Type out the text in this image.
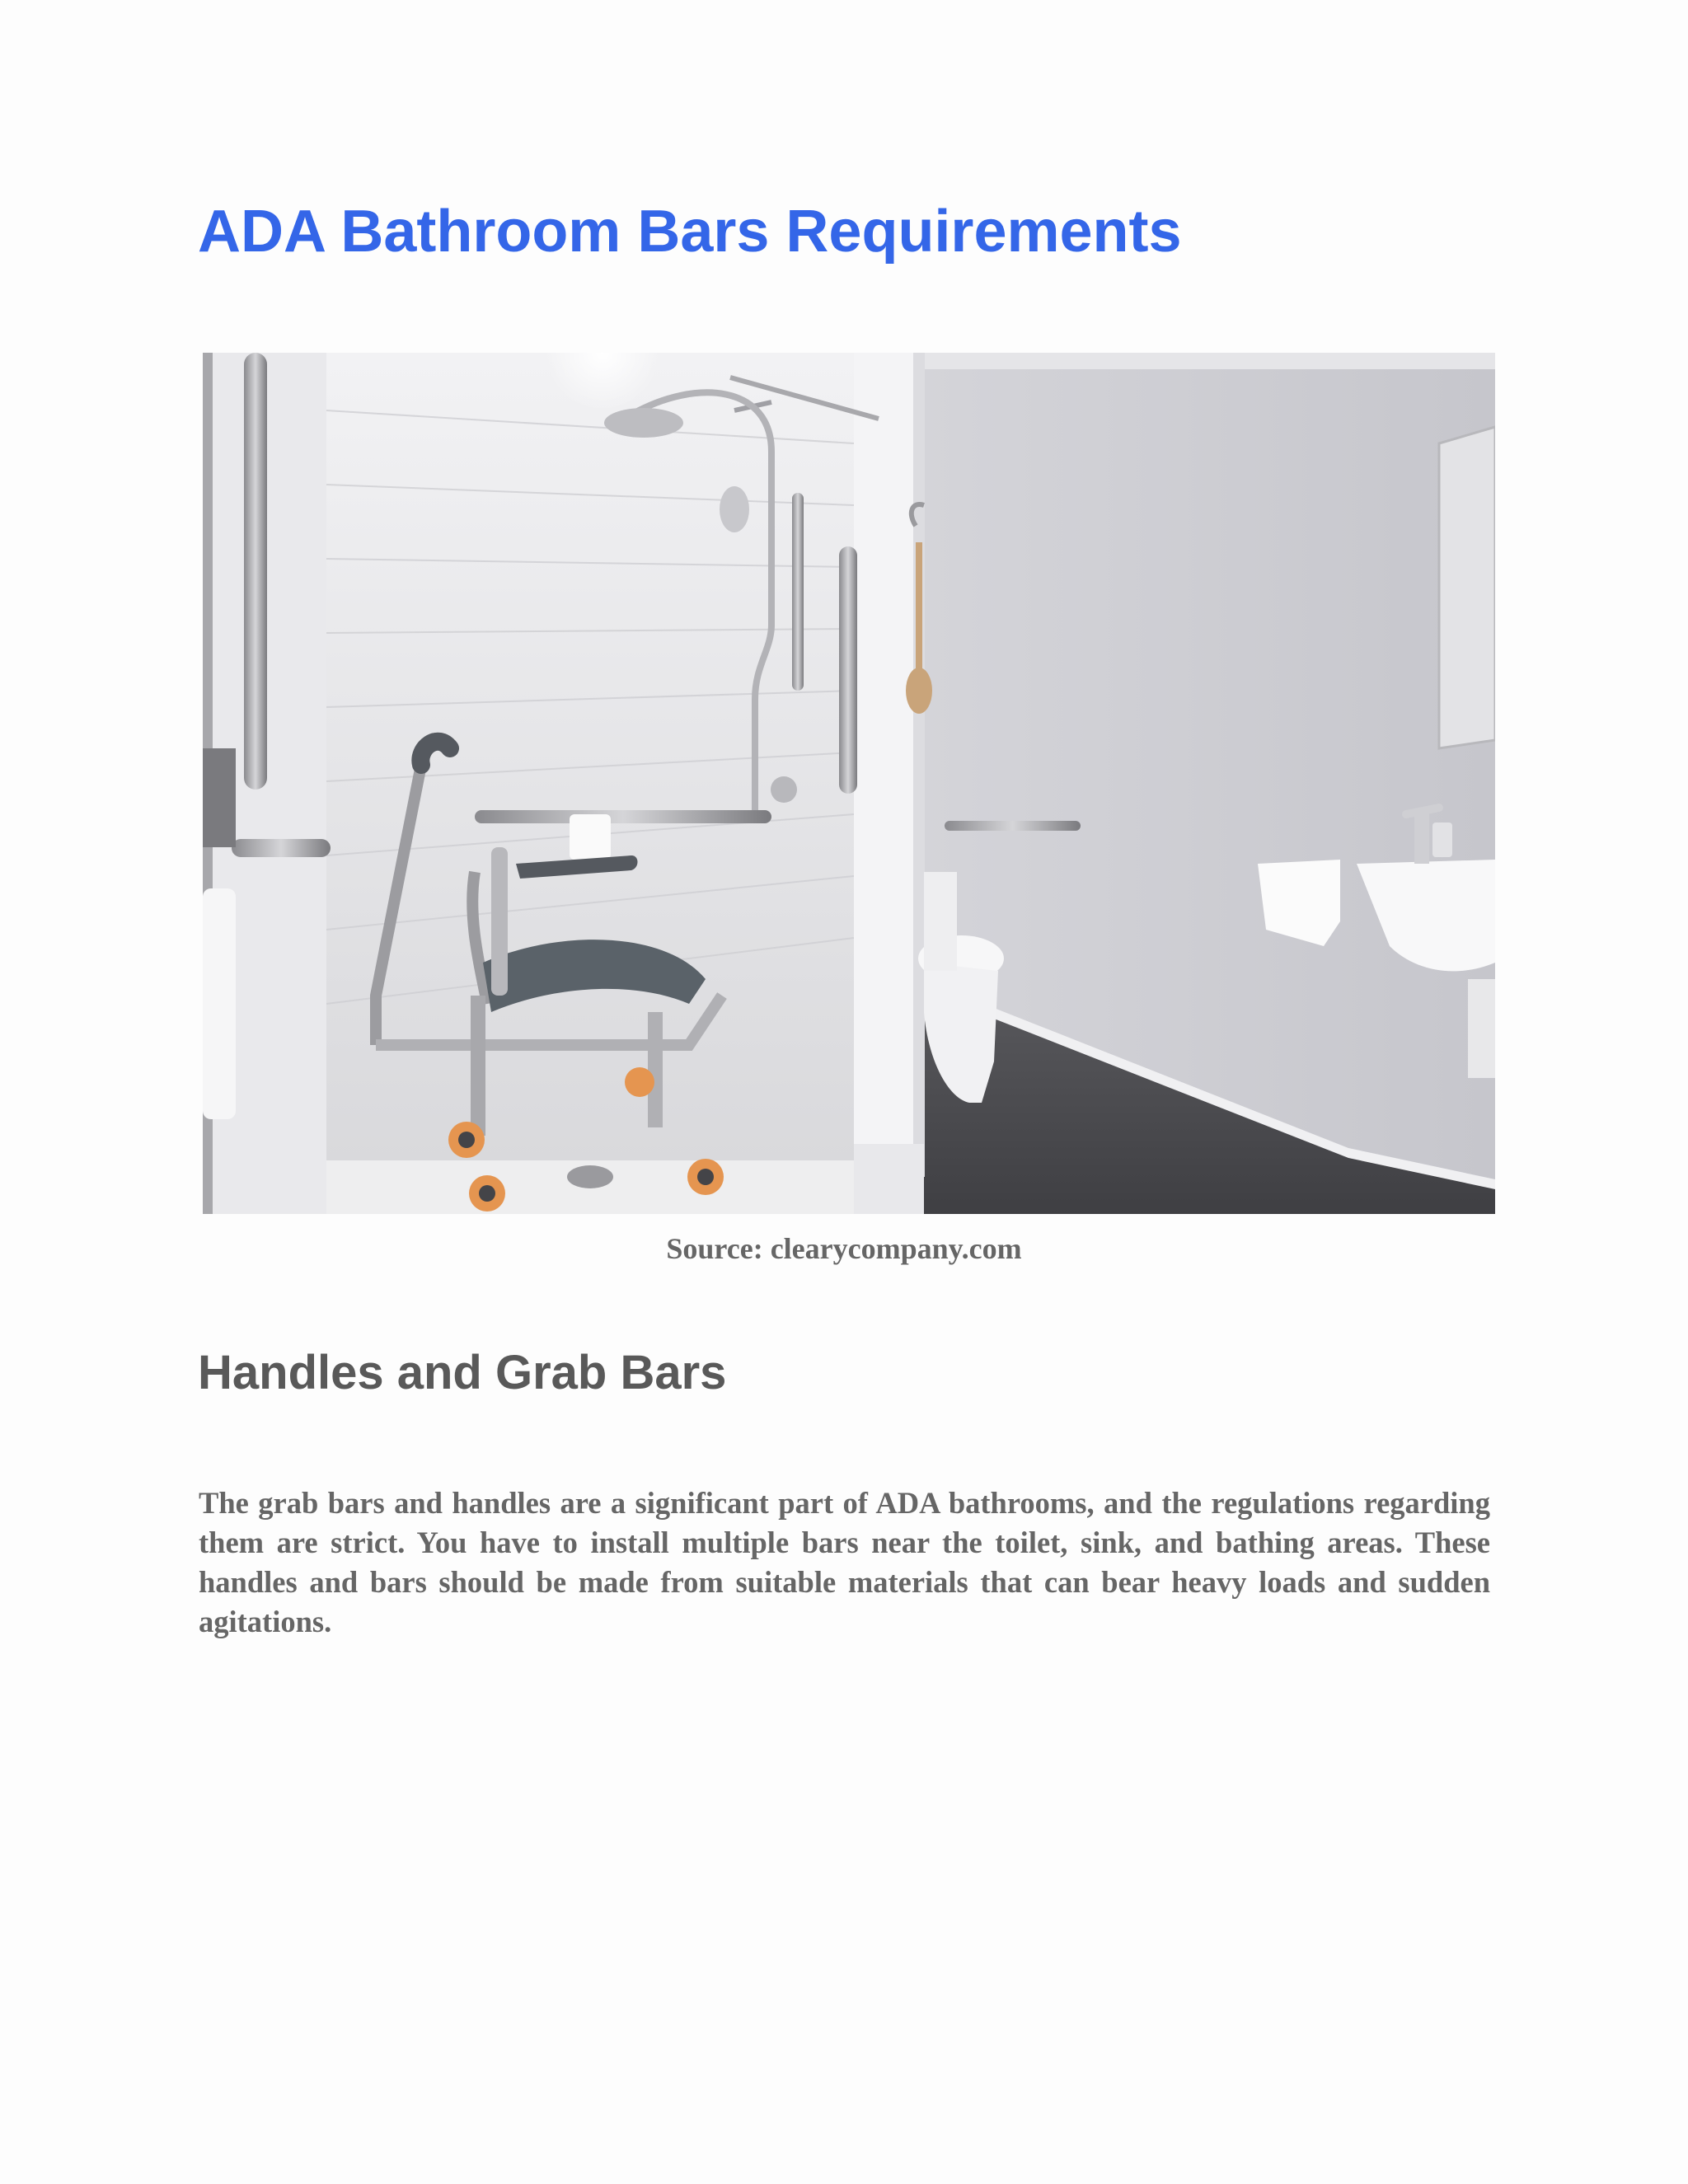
ADA Bathroom Bars Requirements
Source: clearycompany.com
Handles and Grab Bars

The grab bars and handles are a significant part of ADA bathrooms, and the regulations regarding them are strict. You have to install multiple bars near the toilet, sink, and bathing areas. These handles and bars should be made from suitable materials that can bear heavy loads and sudden agitations.
